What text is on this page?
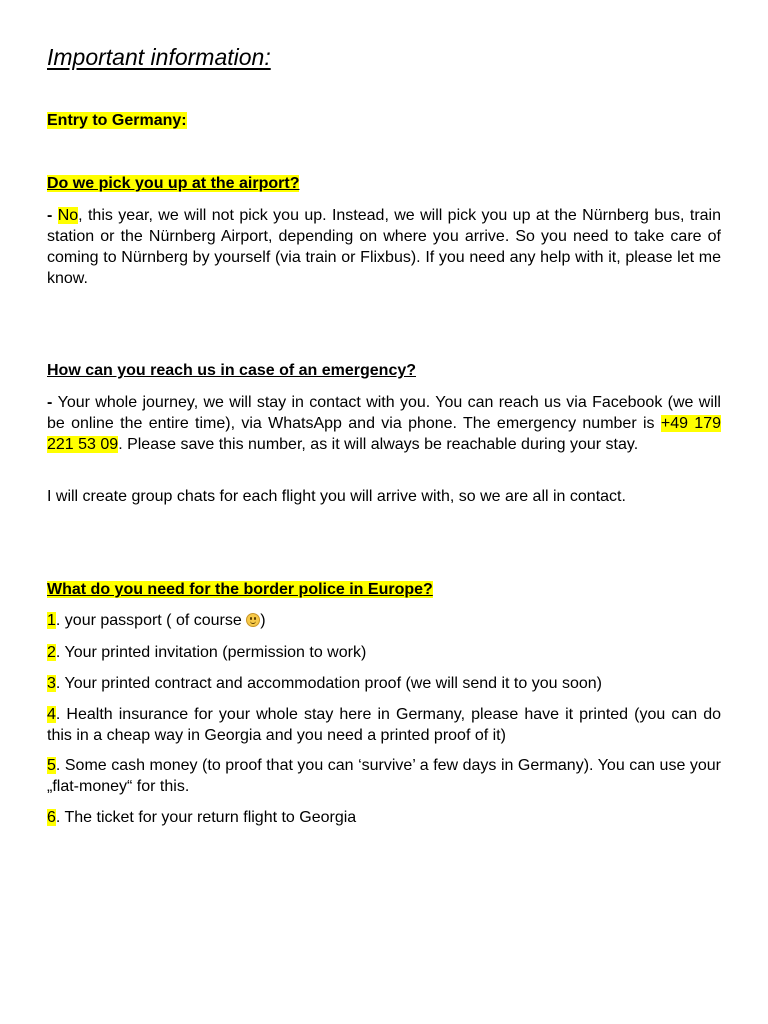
Important information:
Entry to Germany:
Do we pick you up at the airport?

- No, this year, we will not pick you up. Instead, we will pick you up at the Nürnberg bus, train station or the Nürnberg Airport, depending on where you arrive. So you need to take care of coming to Nürnberg by yourself (via train or Flixbus). If you need any help with it, please let me know.

How can you reach us in case of an emergency?

- Your whole journey, we will stay in contact with you. You can reach us via Facebook (we will be online the entire time), via WhatsApp and via phone. The emergency number is +49 179 221 53 09. Please save this number, as it will always be reachable during your stay.

I will create group chats for each flight you will arrive with, so we are all in contact.

What do you need for the border police in Europe?

1. your passport ( of course )

2. Your printed invitation (permission to work)

3. Your printed contract and accommodation proof (we will send it to you soon)

4. Health insurance for your whole stay here in Germany, please have it printed (you can do this in a cheap way in Georgia and you need a printed proof of it)

5. Some cash money (to proof that you can ‘survive’ a few days in Germany). You can use your „flat-money“ for this.

6. The ticket for your return flight to Georgia
